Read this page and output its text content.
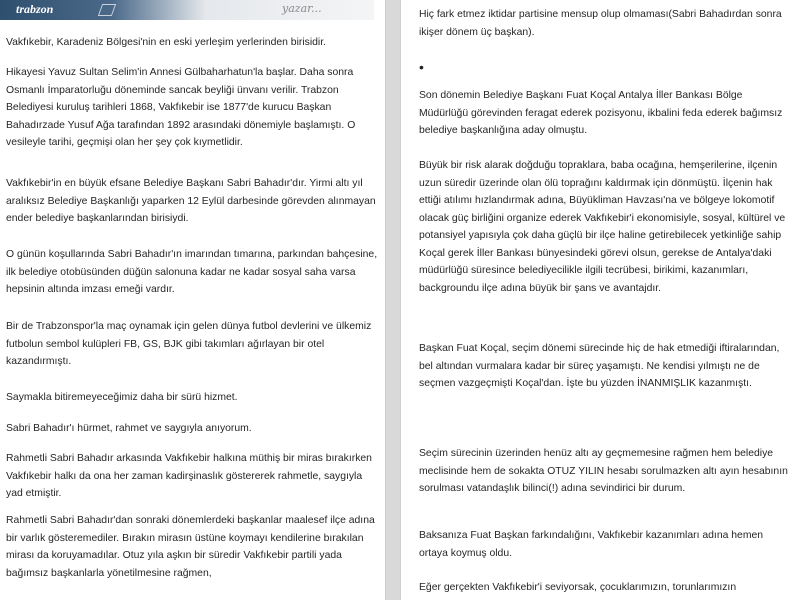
trabzon	yazar...

Vakfıkebir, Karadeniz Bölgesi'nin en eski yerleşim yerlerinden birisidir.

Hikayesi Yavuz Sultan Selim'in Annesi Gülbaharhatun'la başlar. Daha sonra Osmanlı İmparatorluğu döneminde sancak beyliği ünvanı verilir. Trabzon Belediyesi kuruluş tarihleri 1868, Vakfıkebir ise 1877'de kurucu Başkan Bahadırzade Yusuf Ağa tarafından 1892 arasındaki dönemiyle başlamıştı. O vesileyle tarihi, geçmişi olan her şey çok kıymetlidir.

Vakfıkebir'in en büyük efsane Belediye Başkanı Sabri Bahadır'dır. Yirmi altı yıl aralıksız Belediye Başkanlığı yaparken 12 Eylül darbesinde görevden alınmayan ender belediye başkanlarından birisiydi.

O günün koşullarında Sabri Bahadır'ın imarından tımarına, parkından bahçesine, ilk belediye otobüsünden düğün salonuna kadar ne kadar sosyal saha varsa hepsinin altında imzası emeği vardır.

Bir de Trabzonspor'la maç oynamak için gelen dünya futbol devlerini ve ülkemiz futbolun sembol kulüpleri FB, GS, BJK gibi takımları ağırlayan bir otel kazandırmıştı.

Saymakla bitiremeyeceğimiz daha bir sürü hizmet.

Sabri Bahadır'ı hürmet, rahmet ve saygıyla anıyorum.

Rahmetli Sabri Bahadır arkasında Vakfıkebir halkına müthiş bir miras bırakırken Vakfıkebir halkı da ona her zaman kadirşinaslık göstererek rahmetle, saygıyla yad etmiştir.

Rahmetli Sabri Bahadır'dan sonraki dönemlerdeki başkanlar maalesef ilçe adına bir varlık gösteremediler. Bırakın mirasın üstüne koymayı kendilerine bırakılan mirası da koruyamadılar. Otuz yıla aşkın bir süredir Vakfıkebir partili yada bağımsız başkanlarla yönetilmesine rağmen,

Hiç fark etmez iktidar partisine mensup olup olmaması(Sabri Bahadırdan sonra ikişer dönem üç başkan).

•

Son dönemin Belediye Başkanı Fuat Koçal Antalya İller Bankası Bölge Müdürlüğü görevinden feragat ederek pozisyonu, ikbalini feda ederek bağımsız belediye başkanlığına aday olmuştu.

Büyük bir risk alarak doğduğu topraklara, baba ocağına, hemşerilerine, ilçenin uzun süredir üzerinde olan ölü toprağını kaldırmak için dönmüştü. İlçenin hak ettiği atılımı hızlandırmak adına, Büyükliman Havzası'na ve bölgeye lokomotif olacak güç birliğini organize ederek Vakfıkebir'i ekonomisiyle, sosyal, kültürel ve potansiyel yapısıyla çok daha güçlü bir ilçe haline getirebilecek yetkinliğe sahip Koçal gerek İller Bankası bünyesindeki görevi olsun, gerekse de Antalya'daki müdürlüğü süresince belediyecilikle ilgili tecrübesi, birikimi, kazanımları, backgroundu ilçe adına büyük bir şans ve avantajdır.

Başkan Fuat Koçal, seçim dönemi sürecinde hiç de hak etmediği iftiralarından, bel altından vurmalara kadar bir süreç yaşamıştı. Ne kendisi yılmıştı ne de seçmen vazgeçmişti Koçal'dan. İşte bu yüzden İNANMIŞLIK kazanmıştı.

Seçim sürecinin üzerinden henüz altı ay geçmemesine rağmen hem belediye meclisinde hem de sokakta OTUZ YILIN hesabı sorulmazken altı ayın hesabının sorulması vatandaşlık bilinci(!) adına sevindirici bir durum.

Baksanıza Fuat Başkan farkındalığını, Vakfıkebir kazanımları adına hemen ortaya koymuş oldu.

Eğer gerçekten Vakfıkebir'i seviyorsak, çocuklarımızın, torunlarımızın
